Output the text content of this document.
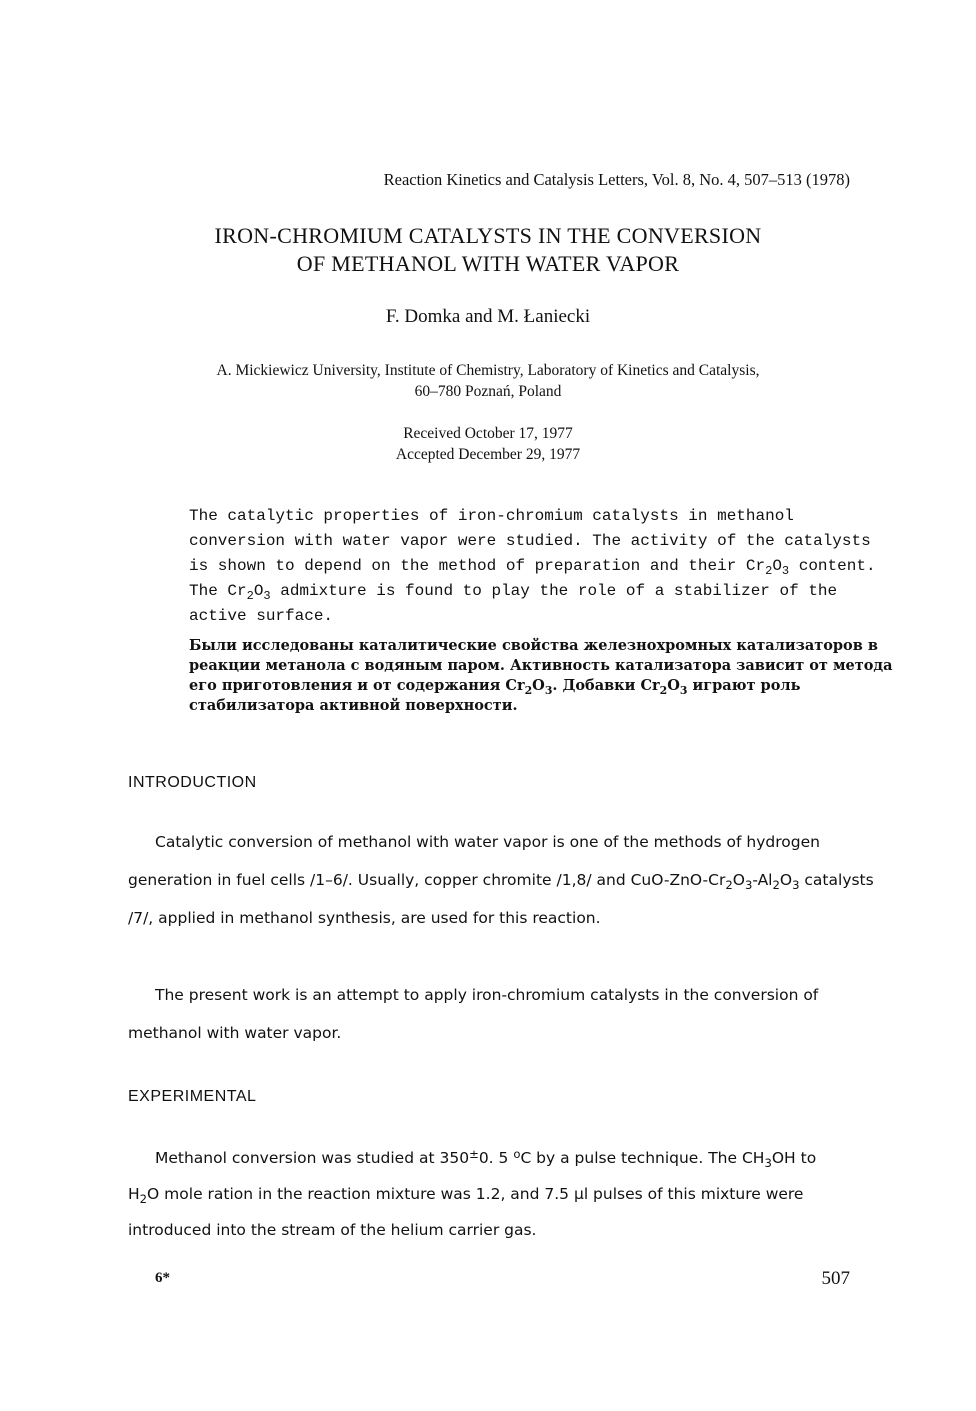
Reaction Kinetics and Catalysis Letters, Vol. 8, No. 4, 507–513 (1978)
IRON-CHROMIUM CATALYSTS IN THE CONVERSION
OF METHANOL WITH WATER VAPOR
F. Domka and M. Łaniecki
A. Mickiewicz University, Institute of Chemistry, Laboratory of Kinetics and Catalysis,
60–780 Poznań, Poland
Received October 17, 1977
Accepted December 29, 1977

The catalytic properties of iron-chromium catalysts in methanol conversion with water vapor were studied. The activity of the catalysts is shown to depend on the method of preparation and their $Cr_2O_3$ content. The $Cr_2O_3$ admixture is found to play the role of a stabilizer of the active surface.

Были исследованы каталитические свойства железнохромных катализаторов в реакции метанола с водяным паром. Активность катализатора зависит от метода его приготовления и от содержания $Cr_2O_3$. Добавки $Cr_2O_3$ играют роль стабилизатора активной поверхности.

INTRODUCTION

Catalytic conversion of methanol with water vapor is one of the methods of hydrogen generation in fuel cells /1–6/. Usually, copper chromite /1,8/ and CuO-$ZnO-Cr_2O_3-Al_2O_3$ catalysts /7/, applied in methanol synthesis, are used for this reaction.

The present work is an attempt to apply iron-chromium catalysts in the conversion of methanol with water vapor.

EXPERIMENTAL

Methanol conversion was studied at 350±0. 5 $^o$C by a pulse technique. The $CH_3OH$ to $H_2O$ mole ration in the reaction mixture was 1.2, and 7.5 μl pulses of this mixture were introduced into the stream of the helium carrier gas.

6*	507
